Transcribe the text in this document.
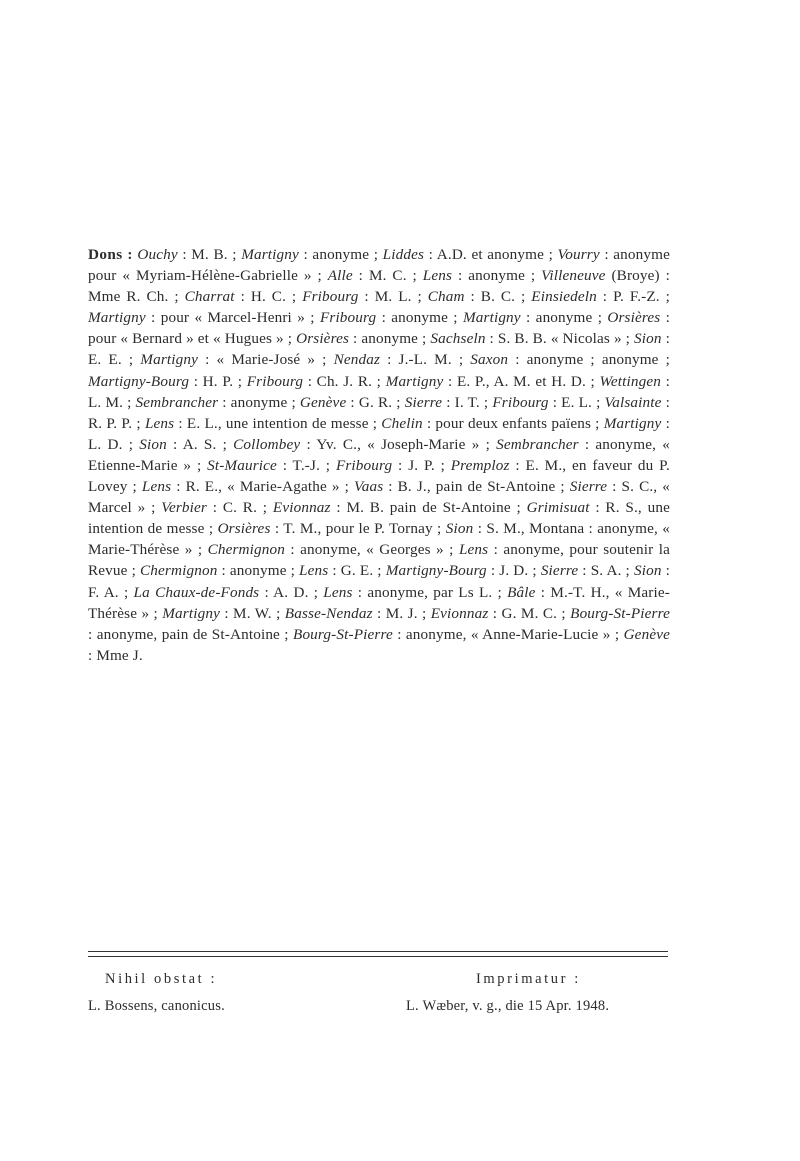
Dons : Ouchy : M. B. ; Martigny : anonyme ; Liddes : A.D. et anonyme ; Vourry : anonyme pour « Myriam-Hélène-Gabrielle » ; Alle : M. C. ; Lens : anonyme ; Villeneuve (Broye) : Mme R. Ch. ; Charrat : H. C. ; Fribourg : M. L. ; Cham : B. C. ; Einsiedeln : P. F.-Z. ; Martigny : pour « Marcel-Henri » ; Fribourg : anonyme ; Martigny : anonyme ; Orsières : pour « Bernard » et « Hugues » ; Orsières : anonyme ; Sachseln : S. B. B. « Nicolas » ; Sion : E. E. ; Martigny : « Marie-José » ; Nendaz : J.-L. M. ; Saxon : anonyme ; anonyme ; Martigny-Bourg : H. P. ; Fribourg : Ch. J. R. ; Martigny : E. P., A. M. et H. D. ; Wettingen : L. M. ; Sembrancher : anonyme ; Genève : G. R. ; Sierre : I. T. ; Fribourg : E. L. ; Valsainte : R. P. P. ; Lens : E. L., une intention de messe ; Chelin : pour deux enfants païens ; Martigny : L. D. ; Sion : A. S. ; Collombey : Yv. C., « Joseph-Marie » ; Sembrancher : anonyme, « Etienne-Marie » ; St-Maurice : T.-J. ; Fribourg : J. P. ; Premploz : E. M., en faveur du P. Lovey ; Lens : R. E., « Marie-Agathe » ; Vaas : B. J., pain de St-Antoine ; Sierre : S. C., « Marcel » ; Verbier : C. R. ; Evionnaz : M. B. pain de St-Antoine ; Grimisuat : R. S., une intention de messe ; Orsières : T. M., pour le P. Tornay ; Sion : S. M., Montana : anonyme, « Marie-Thérèse » ; Chermignon : anonyme, « Georges » ; Lens : anonyme, pour soutenir la Revue ; Chermignon : anonyme ; Lens : G. E. ; Martigny-Bourg : J. D. ; Sierre : S. A. ; Sion : F. A. ; La Chaux-de-Fonds : A. D. ; Lens : anonyme, par Ls L. ; Bâle : M.-T. H., « Marie-Thérèse » ; Martigny : M. W. ; Basse-Nendaz : M. J. ; Evionnaz : G. M. C. ; Bourg-St-Pierre : anonyme, pain de St-Antoine ; Bourg-St-Pierre : anonyme, « Anne-Marie-Lucie » ; Genève : Mme J.

Nihil obstat :
L. Bossens, canonicus.
Imprimatur :
L. Wæber, v. g., die 15 Apr. 1948.
